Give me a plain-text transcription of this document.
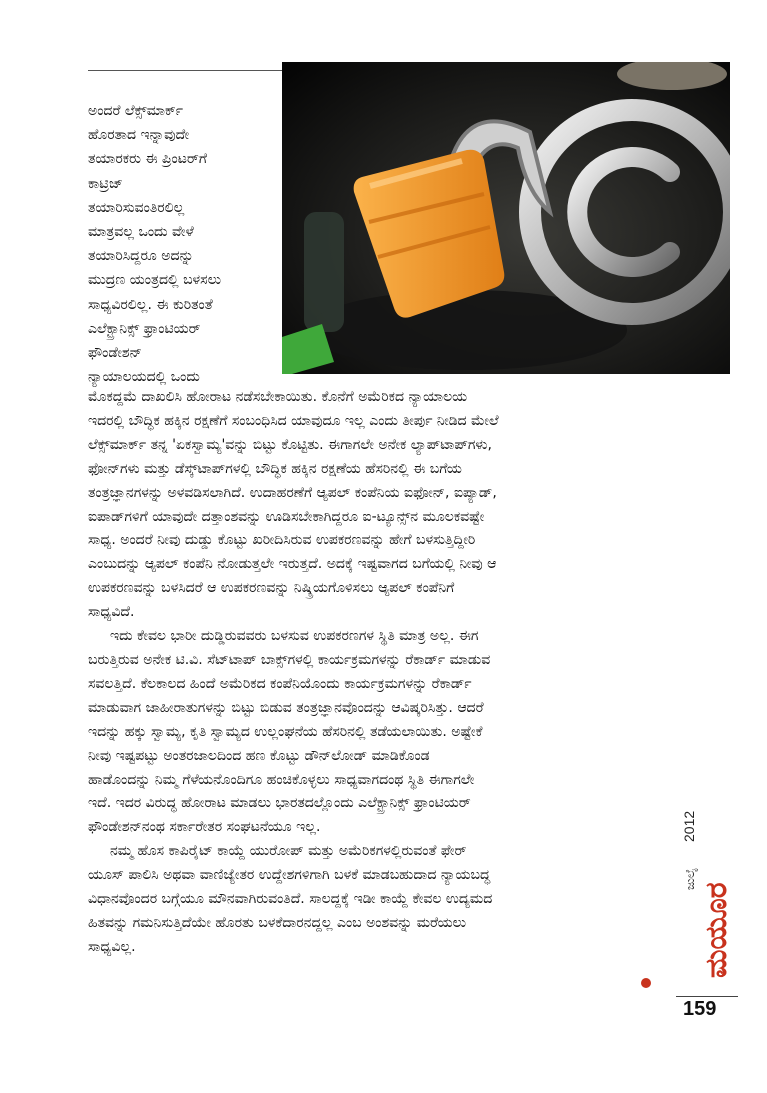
ಅಂದರೆ ಲೆಕ್ಸ್‌ಮಾರ್ಕ್
ಹೊರತಾದ ಇನ್ನಾವುದೇ
ತಯಾರಕರು ಈ ಪ್ರಿಂಟರ್‌ಗೆ
ಕಾಟ್ರಿಜ್
ತಯಾರಿಸುವಂತಿರಲಿಲ್ಲ
ಮಾತ್ರವಲ್ಲ ಒಂದು ವೇಳೆ
ತಯಾರಿಸಿದ್ದರೂ ಅದನ್ನು
ಮುದ್ರಣ ಯಂತ್ರದಲ್ಲಿ ಬಳಸಲು
ಸಾಧ್ಯವಿರಲಿಲ್ಲ. ಈ ಕುರಿತಂತೆ
ಎಲೆಕ್ಟ್ರಾನಿಕ್ಸ್ ಫ್ರಾಂಟಿಯರ್
ಫೌಂಡೇಶನ್
ನ್ಯಾಯಾಲಯದಲ್ಲಿ ಒಂದು

ಮೊಕದ್ದಮೆ ದಾಖಲಿಸಿ ಹೋರಾಟ ನಡೆಸಬೇಕಾಯಿತು. ಕೊನೆಗೆ ಅಮೆರಿಕದ ನ್ಯಾಯಾಲಯ
ಇದರಲ್ಲಿ ಬೌದ್ಧಿಕ ಹಕ್ಕಿನ ರಕ್ಷಣೆಗೆ ಸಂಬಂಧಿಸಿದ ಯಾವುದೂ ಇಲ್ಲ ಎಂದು ತೀರ್ಪು ನೀಡಿದ ಮೇಲೆ
ಲೆಕ್ಸ್‌ಮಾರ್ಕ್ ತನ್ನ 'ಏಕಸ್ವಾಮ್ಯ'ವನ್ನು ಬಿಟ್ಟು ಕೊಟ್ಟಿತು. ಈಗಾಗಲೇ ಅನೇಕ ಲ್ಯಾಪ್‌ಟಾಪ್‌ಗಳು,
ಫೋನ್‌ಗಳು ಮತ್ತು ಡೆಸ್ಕ್‌ಟಾಪ್‌ಗಳಲ್ಲಿ ಬೌದ್ಧಿಕ ಹಕ್ಕಿನ ರಕ್ಷಣೆಯ ಹೆಸರಿನಲ್ಲಿ ಈ ಬಗೆಯ
ತಂತ್ರಜ್ಞಾನಗಳನ್ನು ಅಳವಡಿಸಲಾಗಿದೆ. ಉದಾಹರಣೆಗೆ ಆ್ಯಪಲ್ ಕಂಪೆನಿಯ ಐಫೋನ್, ಐಪ್ಯಾಡ್,
ಐಪಾಡ್‌ಗಳಿಗೆ ಯಾವುದೇ ದತ್ತಾಂಶವನ್ನು ಊಡಿಸಬೇಕಾಗಿದ್ದರೂ ಐ-ಟ್ಯೂನ್ಸ್‌ನ ಮೂಲಕವಷ್ಟೇ
ಸಾಧ್ಯ. ಅಂದರೆ ನೀವು ದುಡ್ಡು ಕೊಟ್ಟು ಖರೀದಿಸಿರುವ ಉಪಕರಣವನ್ನು ಹೇಗೆ ಬಳಸುತ್ತಿದ್ದೀರಿ
ಎಂಬುದನ್ನು ಆ್ಯಪಲ್ ಕಂಪೆನಿ ನೋಡುತ್ತಲೇ ಇರುತ್ತದೆ. ಅದಕ್ಕೆ ಇಷ್ಟವಾಗದ ಬಗೆಯಲ್ಲಿ ನೀವು ಆ
ಉಪಕರಣವನ್ನು ಬಳಸಿದರೆ ಆ ಉಪಕರಣವನ್ನು ನಿಷ್ಕ್ರಿಯಗೊಳಿಸಲು ಆ್ಯಪಲ್ ಕಂಪೆನಿಗೆ
ಸಾಧ್ಯವಿದೆ.

ಇದು ಕೇವಲ ಭಾರೀ ದುಡ್ಡಿರುವವರು ಬಳಸುವ ಉಪಕರಣಗಳ ಸ್ಥಿತಿ ಮಾತ್ರ ಅಲ್ಲ. ಈಗ
ಬರುತ್ತಿರುವ ಅನೇಕ ಟಿ.ವಿ. ಸೆಟ್‌ಟಾಪ್ ಬಾಕ್ಸ್‌ಗಳಲ್ಲಿ ಕಾರ್ಯಕ್ರಮಗಳನ್ನು ರೆಕಾರ್ಡ್ ಮಾಡುವ
ಸವಲತ್ತಿದೆ. ಕೆಲಕಾಲದ ಹಿಂದೆ ಅಮೆರಿಕದ ಕಂಪೆನಿಯೊಂದು ಕಾರ್ಯಕ್ರಮಗಳನ್ನು ರೆಕಾರ್ಡ್
ಮಾಡುವಾಗ ಜಾಹೀರಾತುಗಳನ್ನು ಬಿಟ್ಟು ಬಿಡುವ ತಂತ್ರಜ್ಞಾನವೊಂದನ್ನು ಆವಿಷ್ಕರಿಸಿತ್ತು. ಆದರೆ
ಇದನ್ನು ಹಕ್ಕು ಸ್ವಾಮ್ಯ, ಕೃತಿ ಸ್ವಾಮ್ಯದ ಉಲ್ಲಂಘನೆಯ ಹೆಸರಿನಲ್ಲಿ ತಡೆಯಲಾಯಿತು. ಅಷ್ಟೇಕೆ
ನೀವು ಇಷ್ಟಪಟ್ಟು ಅಂತರಜಾಲದಿಂದ ಹಣ ಕೊಟ್ಟು ಡೌನ್‌ಲೋಡ್ ಮಾಡಿಕೊಂಡ
ಹಾಡೊಂದನ್ನು ನಿಮ್ಮ ಗೆಳೆಯನೊಂದಿಗೂ ಹಂಚಿಕೊಳ್ಳಲು ಸಾಧ್ಯವಾಗದಂಥ ಸ್ಥಿತಿ ಈಗಾಗಲೇ
ಇದೆ. ಇದರ ವಿರುದ್ಧ ಹೋರಾಟ ಮಾಡಲು ಭಾರತದಲ್ಲೊಂದು ಎಲೆಕ್ಟ್ರಾನಿಕ್ಸ್ ಫ್ರಾಂಟಿಯರ್
ಫೌಂಡೇಶನ್‌ನಂಥ ಸರ್ಕಾರೇತರ ಸಂಘಟನೆಯೂ ಇಲ್ಲ.

ನಮ್ಮ ಹೊಸ ಕಾಪಿರೈಟ್ ಕಾಯ್ದೆ ಯುರೋಪ್ ಮತ್ತು ಅಮೆರಿಕಗಳಲ್ಲಿರುವಂತೆ ಫೇರ್
ಯೂಸ್ ಪಾಲಿಸಿ ಅಥವಾ ವಾಣಿಜ್ಯೇತರ ಉದ್ದೇಶಗಳಿಗಾಗಿ ಬಳಕೆ ಮಾಡಬಹುದಾದ ನ್ಯಾಯಬದ್ಧ
ವಿಧಾನವೊಂದರ ಬಗ್ಗೆಯೂ ಮೌನವಾಗಿರುವಂತಿದೆ. ಸಾಲದ್ದಕ್ಕೆ ಇಡೀ ಕಾಯ್ದೆ ಕೇವಲ ಉದ್ಯಮದ
ಹಿತವನ್ನು ಗಮನಿಸುತ್ತಿದೆಯೇ ಹೊರತು ಬಳಕೆದಾರನದ್ದಲ್ಲ ಎಂಬ ಅಂಶವನ್ನು ಮರೆಯಲು
ಸಾಧ್ಯವಿಲ್ಲ.	ಮಯೂರ
ಜುಲೈ
2012
159
